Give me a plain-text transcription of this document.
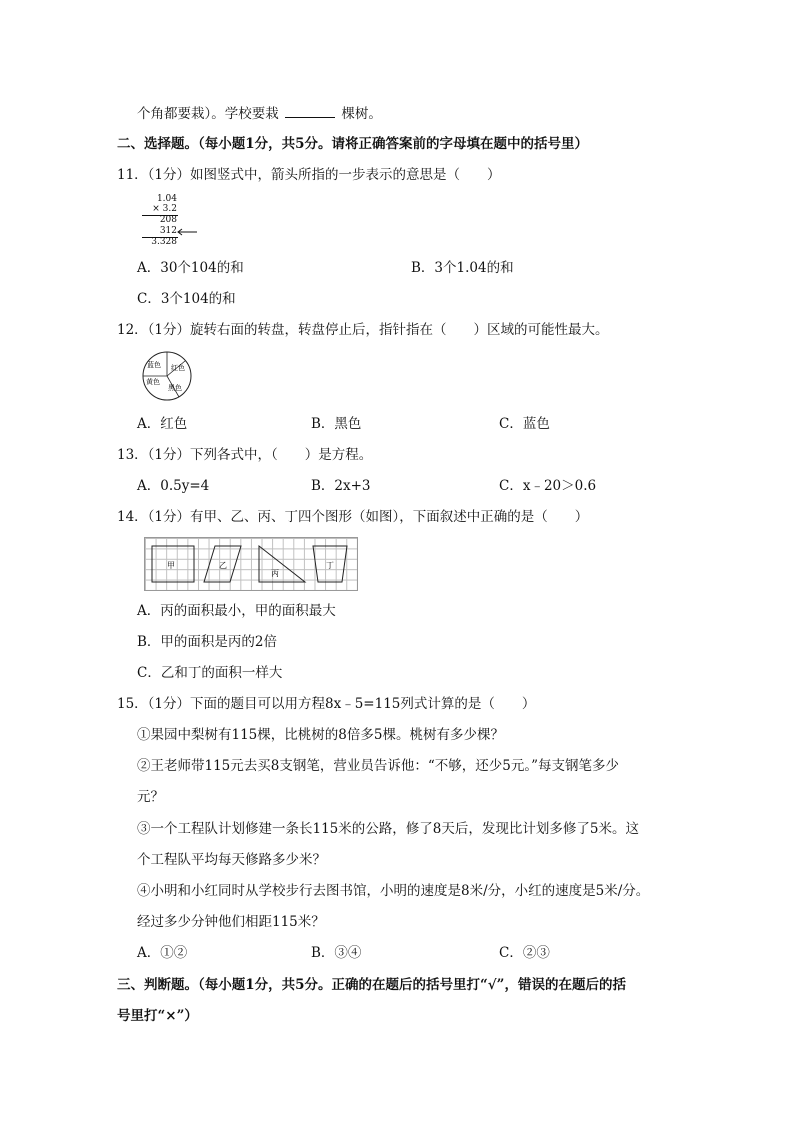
个角都要栽）。学校要栽	棵树。
二、选择题。（每小题1分，共5分。请将正确答案前的字母填在题中的括号里）
11．（1分）如图竖式中，箭头所指的一步表示的意思是（　　）
1.04
× 3.2
208
312
3.328
A．30个104的和	B．3个1.04的和
C．3个104的和
12．（1分）旋转右面的转盘，转盘停止后，指针指在（　　）区域的可能性最大。
蓝色 红色
黑色
黄色
A．红色	B．黑色	C．蓝色
13．（1分）下列各式中，（　　）是方程。
A．0.5y=4	B．2x+3	C．x﹣20＞0.6
14．（1分）有甲、乙、丙、丁四个图形（如图），下面叙述中正确的是（　　）
甲	乙
丙
丁
A．丙的面积最小，甲的面积最大
B．甲的面积是丙的2倍
C．乙和丁的面积一样大
15．（1分）下面的题目可以用方程8x﹣5=115列式计算的是（　　）
①果园中梨树有115棵，比桃树的8倍多5棵。桃树有多少棵？
②王老师带115元去买8支钢笔，营业员告诉他：“不够，还少5元。”每支钢笔多少
元？
③一个工程队计划修建一条长115米的公路，修了8天后，发现比计划多修了5米。这
个工程队平均每天修路多少米？
④小明和小红同时从学校步行去图书馆，小明的速度是8米/分，小红的速度是5米/分。
经过多少分钟他们相距115米？
A．①②	B．③④	C．②③
三、判断题。（每小题1分，共5分。正确的在题后的括号里打“√”，错误的在题后的括
号里打“×”）
